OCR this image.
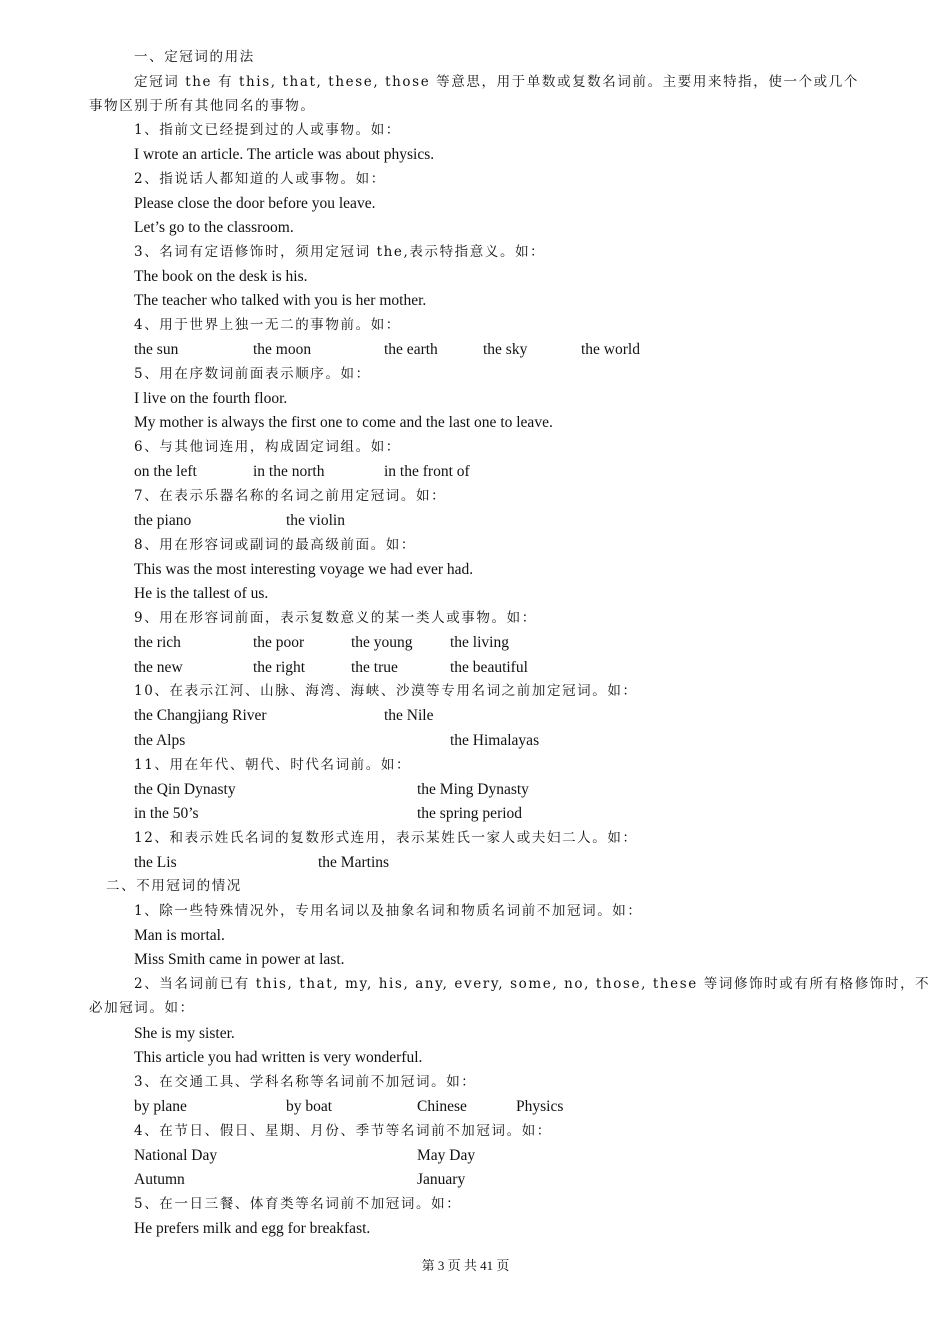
一、定冠词的用法
定冠词 the 有 this, that, these, those 等意思，用于单数或复数名词前。主要用来特指，使一个或几个
事物区别于所有其他同名的事物。
1、指前文已经提到过的人或事物。如：
I wrote an article. The article was about physics.
2、指说话人都知道的人或事物。如：
Please close the door before you leave.
Let’s go to the classroom.
3、名词有定语修饰时，须用定冠词 the,表示特指意义。如：
The book on the desk is his.
The teacher who talked with you is her mother.
4、用于世界上独一无二的事物前。如：
the sun	the moon	the earth	the sky	the world
5、用在序数词前面表示顺序。如：
I live on the fourth floor.
My mother is always the first one to come and the last one to leave.
6、与其他词连用，构成固定词组。如：
on the left	in the north	in the front of
7、在表示乐器名称的名词之前用定冠词。如：
the piano	the violin
8、用在形容词或副词的最高级前面。如：
This was the most interesting voyage we had ever had.
He is the tallest of us.
9、用在形容词前面，表示复数意义的某一类人或事物。如：
the rich	the poor	the young the living
the new	the right	the true	the beautiful
10、在表示江河、山脉、海湾、海峡、沙漠等专用名词之前加定冠词。如：
the Changjiang River	the Nile
the Alps	the Himalayas
11、用在年代、朝代、时代名词前。如：
the Qin Dynasty	the Ming Dynasty
in the 50’s	the spring period
12、和表示姓氏名词的复数形式连用，表示某姓氏一家人或夫妇二人。如：
the Lis	the Martins
二、不用冠词的情况
1、除一些特殊情况外，专用名词以及抽象名词和物质名词前不加冠词。如：
Man is mortal.
Miss Smith came in power at last.
2、当名词前已有 this, that, my, his, any, every, some, no, those, these 等词修饰时或有所有格修饰时，不
必加冠词。如：
She is my sister.
This article you had written is very wonderful.
3、在交通工具、学科名称等名词前不加冠词。如：
by plane	by boat	Chinese	Physics
4、在节日、假日、星期、月份、季节等名词前不加冠词。如：
National Day	May Day
Autumn	January
5、在一日三餐、体育类等名词前不加冠词。如：
He prefers milk and egg for breakfast.
第 3 页 共 41 页
